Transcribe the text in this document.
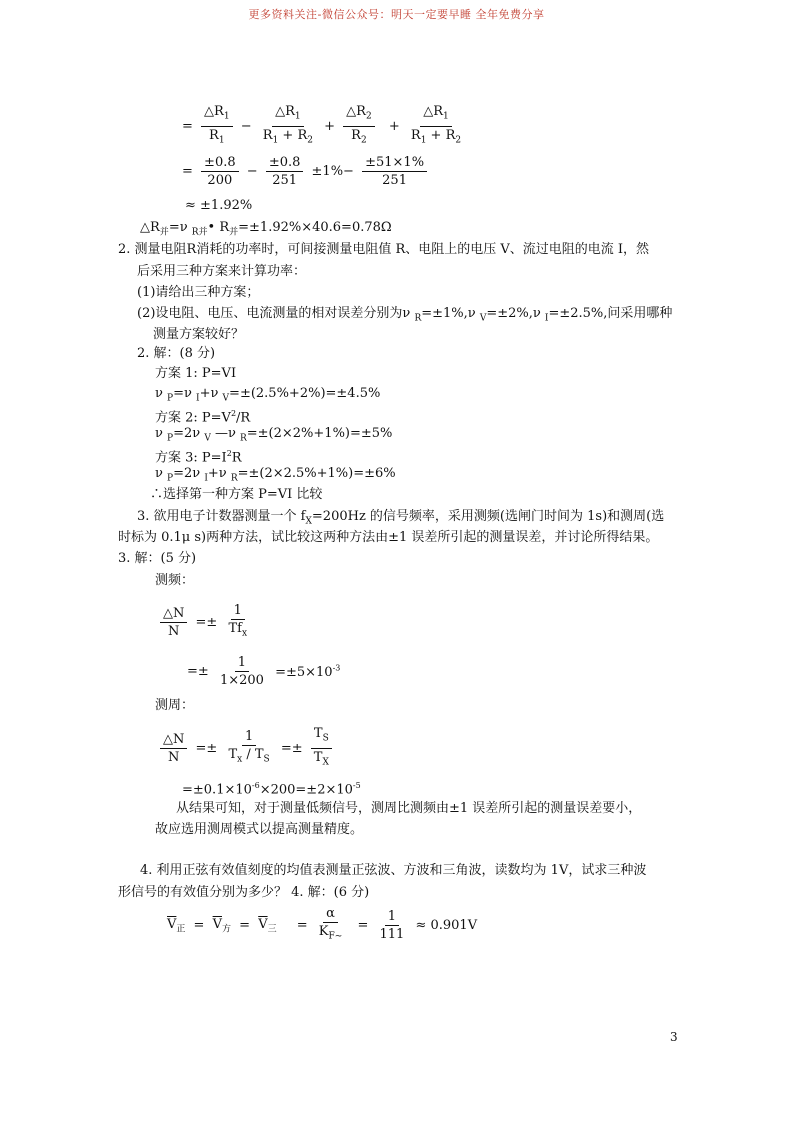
更多资料关注-微信公众号：明天一定要早睡 全年免费分享
= $\frac{\triangle R_1}{R_1} - \frac{\triangle R_1}{R_1 + R_2} + \frac{\triangle R_2}{R_2} + \frac{\triangle R_1}{R_1 + R_2}$
= $\frac{\pm 0.8}{200} - \frac{\pm 0.8}{251} \pm 1\%- \frac{\pm 51\times 1\%}{251}$
≈ ±1.92%
$\triangle R_并=\nu$ $_{R并}$• $R_并=\pm 1.92\%\times 40.6=0.78\Omega$
2. 测量电阻R消耗的功率时，可间接测量电阻值 R、电阻上的电压 V、流过电阻的电流 I，然
后采用三种方案来计算功率：
(1)请给出三种方案；
(2)设电阻、电压、电流测量的相对误差分别为ν $_R$=±1%,ν $_V$=±2%,ν $_I$=±2.5%,问采用哪种
测量方案较好？
2. 解：(8 分)
方案 1: P=VI
ν $_P$=ν $_I$+ν $_V$=±(2.5%+2%)=±4.5%
方案 2: $P=V^2/R$
ν $_P$=2ν $_V$ —ν $_R$=±(2×2%+1%)=±5%
方案 3: $P=I^2R$
ν $_P$=2ν $_I$+ν $_R$=±(2×2.5%+1%)=±6%
∴选择第一种方案 P=VI 比较
3. 欲用电子计数器测量一个 $f_X=200Hz$ 的信号频率，采用测频(选闸门时间为 1s)和测周(选
时标为 0.1μ s)两种方法，试比较这两种方法由±1 误差所引起的测量误差，并讨论所得结果。
3. 解：(5 分)
测频：
$\frac{\triangle N}{N} =\pm \frac{1}{Tf_x}$
=± $\frac{1}{1\times 200} =\pm 5\times 10^{-3}$
测周：
$\frac{\triangle N}{N} =\pm \frac{1}{T_x / T_S} =\pm \frac{T_S}{T_X}$
$=\pm 0.1\times 10^{-6}\times 200=\pm 2\times 10^{-5}$
从结果可知，对于测量低频信号，测周比测频由±1 误差所引起的测量误差要小，
故应选用测周模式以提高测量精度。
4. 利用正弦有效值刻度的均值表测量正弦波、方波和三角波，读数均为 1V，试求三种波
形信号的有效值分别为多少？ 4. 解：(6 分)
$\overline{V}_正 = \overline{V}_方 = \overline{V}_三 = \frac{\alpha}{K_{F\sim}} = \frac{1}{111} \approx 0.901V$
3
